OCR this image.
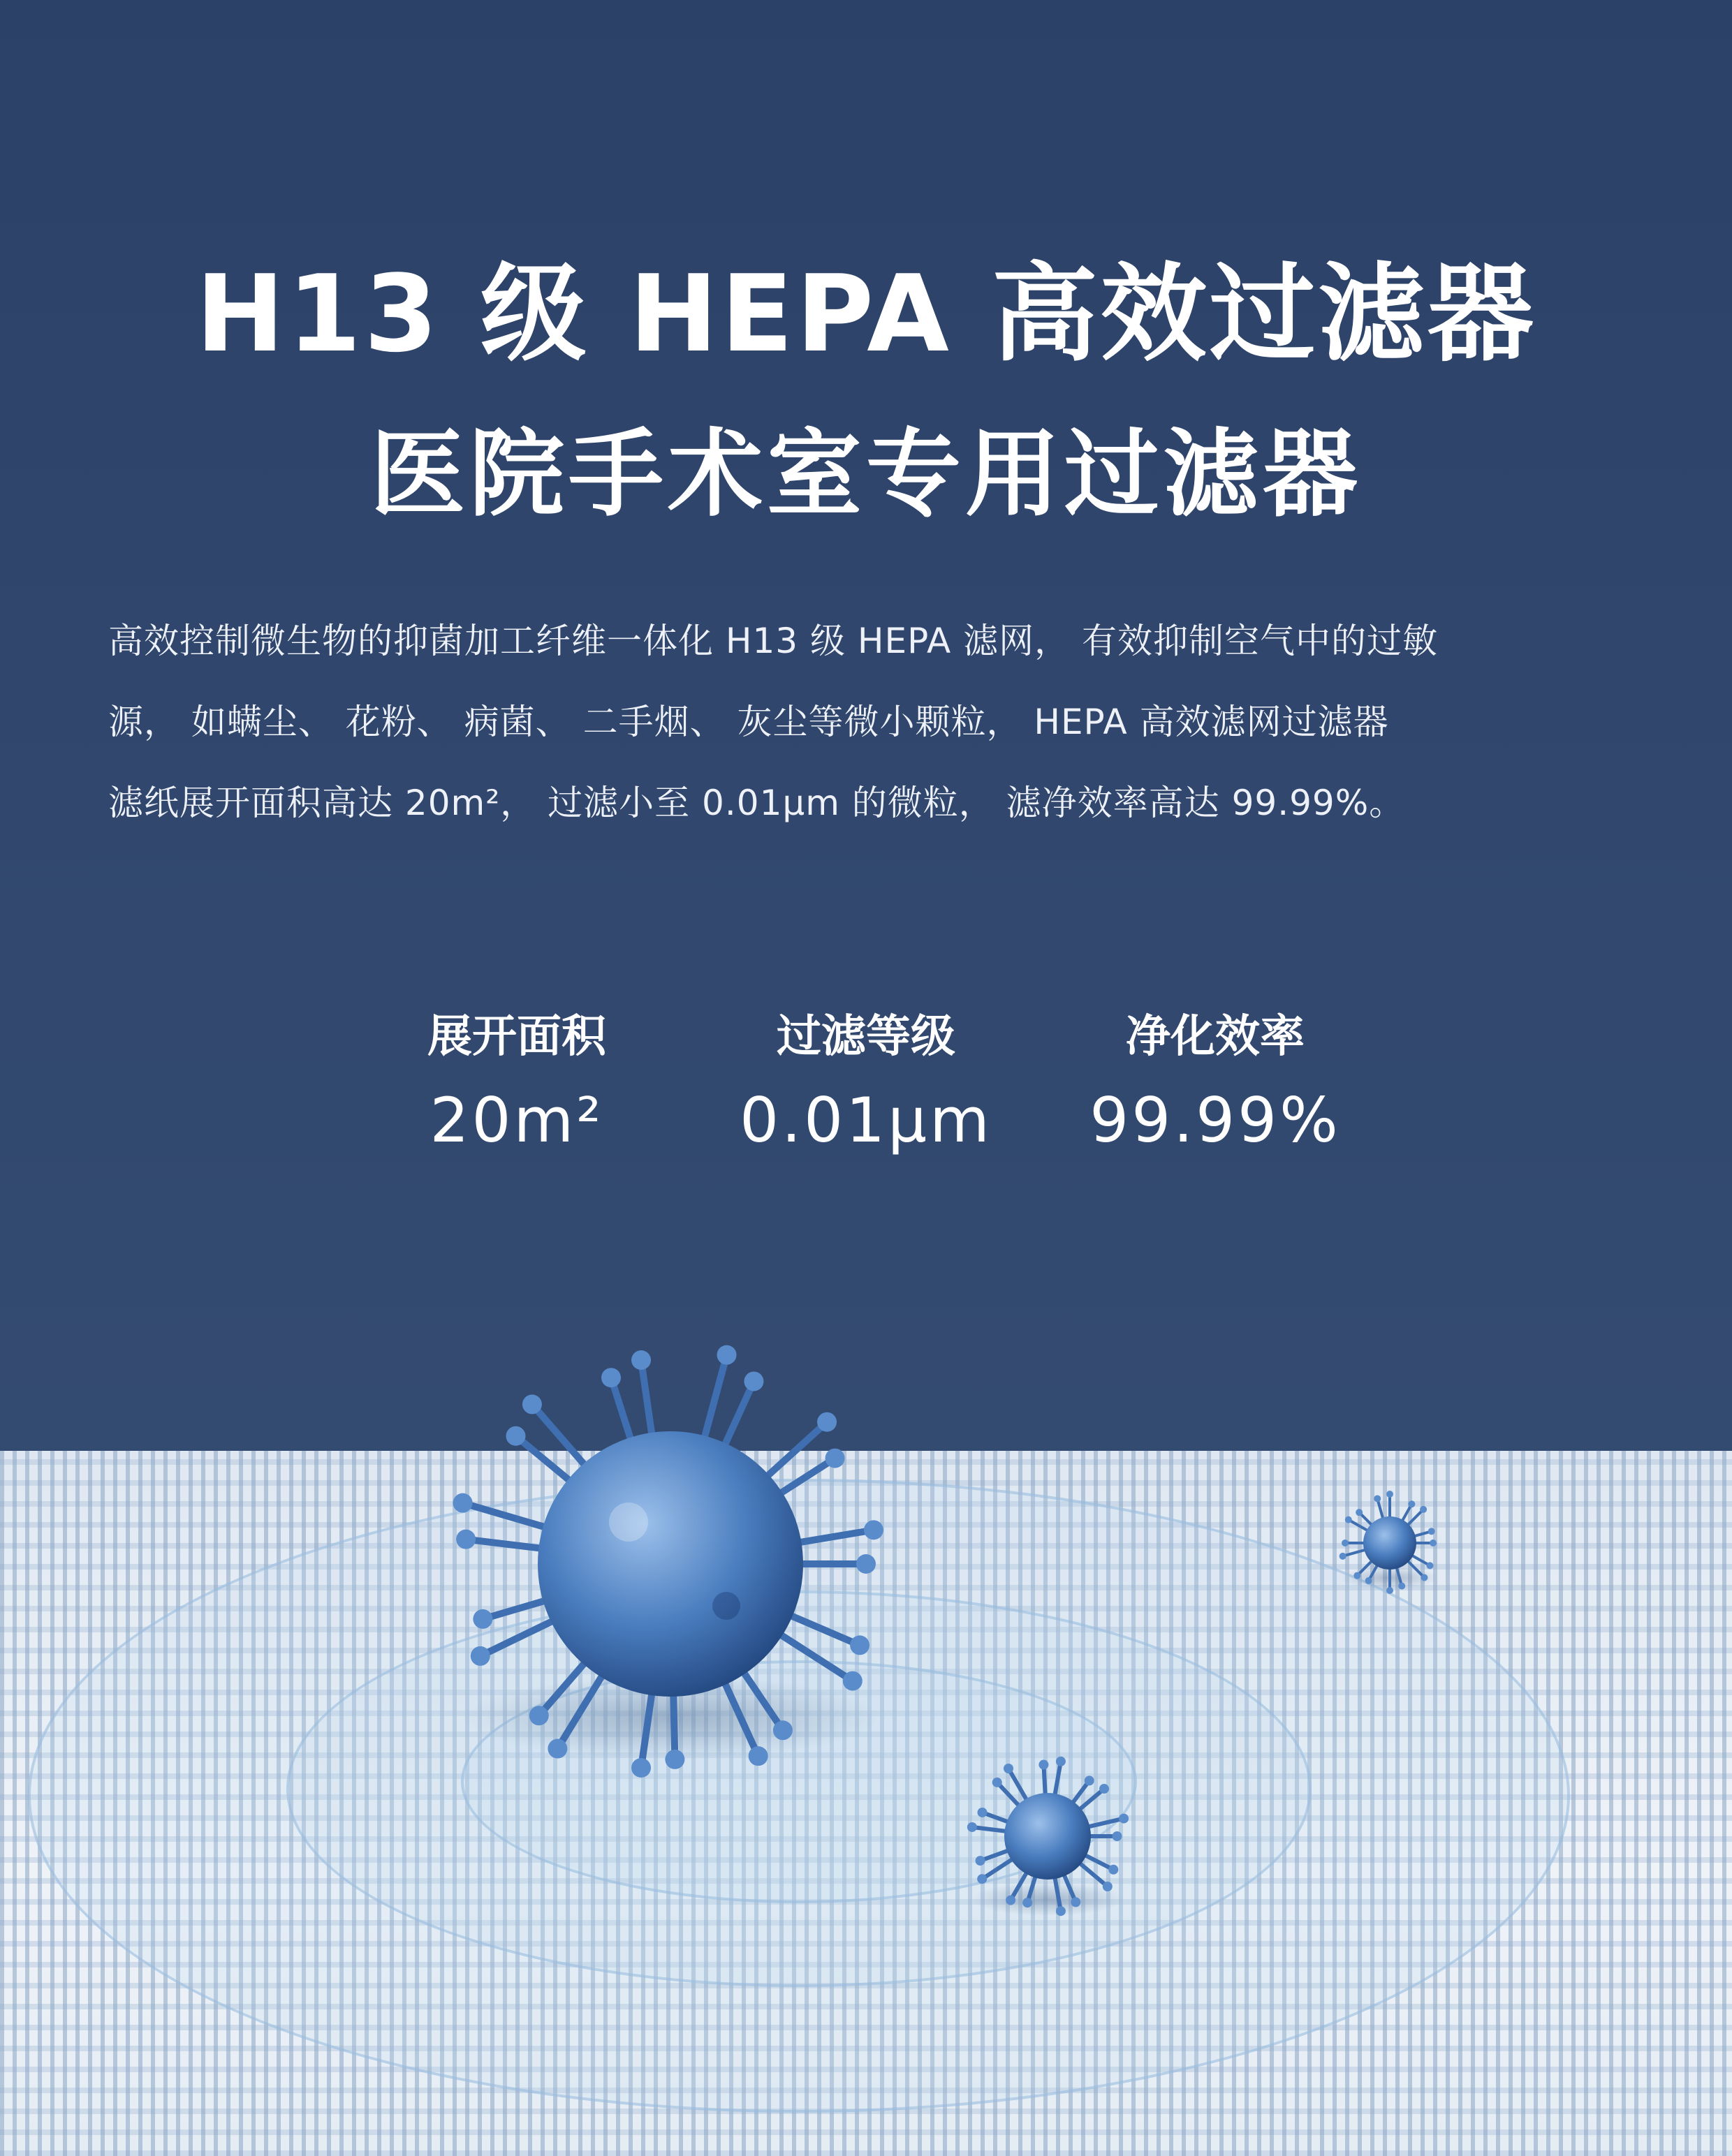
H13 级 HEPA 高效过滤器
医院手术室专用过滤器
高效控制微生物的抑菌加工纤维一体化 H13 级 HEPA 滤网， 有效抑制空气中的过敏
源， 如螨尘、 花粉、 病菌、 二手烟、 灰尘等微小颗粒， HEPA 高效滤网过滤器
滤纸展开面积高达 20m²， 过滤小至 0.01μm 的微粒， 滤净效率高达 99.99%。
展开面积
20m²
过滤等级
0.01μm
净化效率
99.99%
